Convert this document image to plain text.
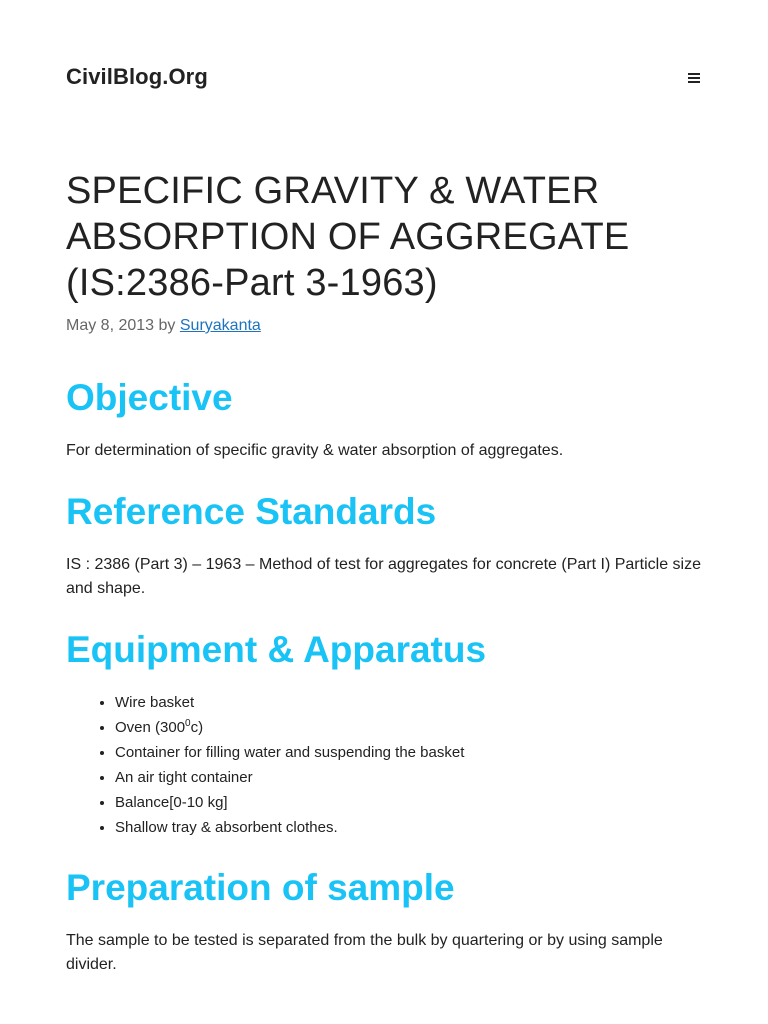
CivilBlog.Org
SPECIFIC GRAVITY & WATER ABSORPTION OF AGGREGATE (IS:2386-Part 3-1963)
May 8, 2013 by Suryakanta
Objective

For determination of specific gravity & water absorption of aggregates.

Reference Standards

IS : 2386 (Part 3) – 1963 – Method of test for aggregates for concrete (Part I) Particle size and shape.

Equipment & Apparatus
• Wire basket
• Oven $(300^0c)$
• Container for filling water and suspending the basket
• An air tight container
• Balance[0-10 kg]
• Shallow tray & absorbent clothes.
Preparation of sample

The sample to be tested is separated from the bulk by quartering or by using sample divider.
